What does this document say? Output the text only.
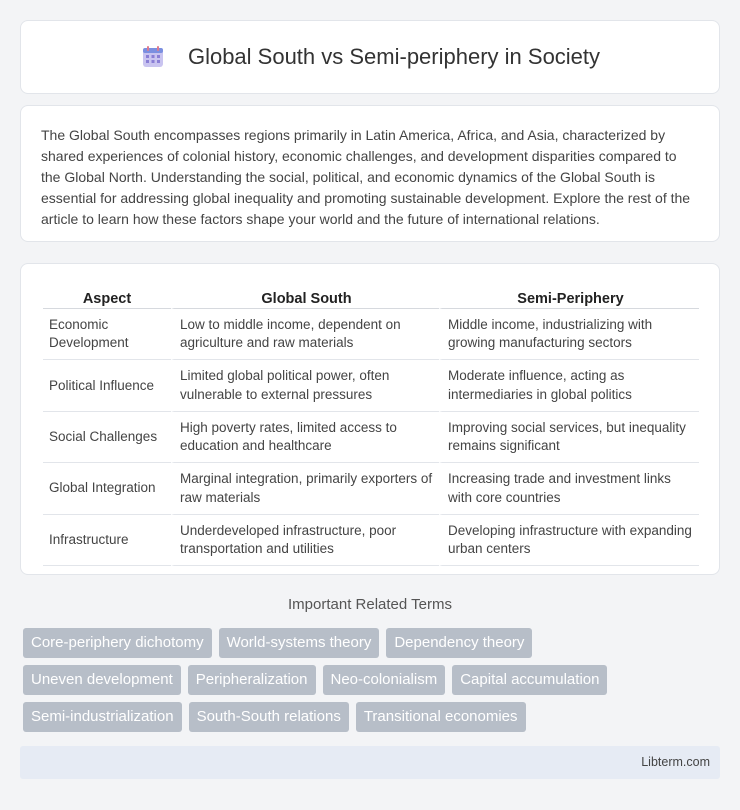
Global South vs Semi-periphery in Society

The Global South encompasses regions primarily in Latin America, Africa, and Asia, characterized by shared experiences of colonial history, economic challenges, and development disparities compared to the Global North. Understanding the social, political, and economic dynamics of the Global South is essential for addressing global inequality and promoting sustainable development. Explore the rest of the article to learn how these factors shape your world and the future of international relations.

Aspect	Global South	Semi-Periphery
Economic Development	Low to middle income, dependent on agriculture and raw materials	Middle income, industrializing with growing manufacturing sectors
Political Influence	Limited global political power, often vulnerable to external pressures	Moderate influence, acting as intermediaries in global politics
Social Challenges	High poverty rates, limited access to education and healthcare	Improving social services, but inequality remains significant
Global Integration	Marginal integration, primarily exporters of raw materials	Increasing trade and investment links with core countries
Infrastructure	Underdeveloped infrastructure, poor transportation and utilities	Developing infrastructure with expanding urban centers
Important Related Terms
Core-periphery dichotomy	World-systems theory	Dependency theory
Uneven development	Peripheralization	Neo-colonialism	Capital accumulation
Semi-industrialization	South-South relations	Transitional economies
Libterm.com
